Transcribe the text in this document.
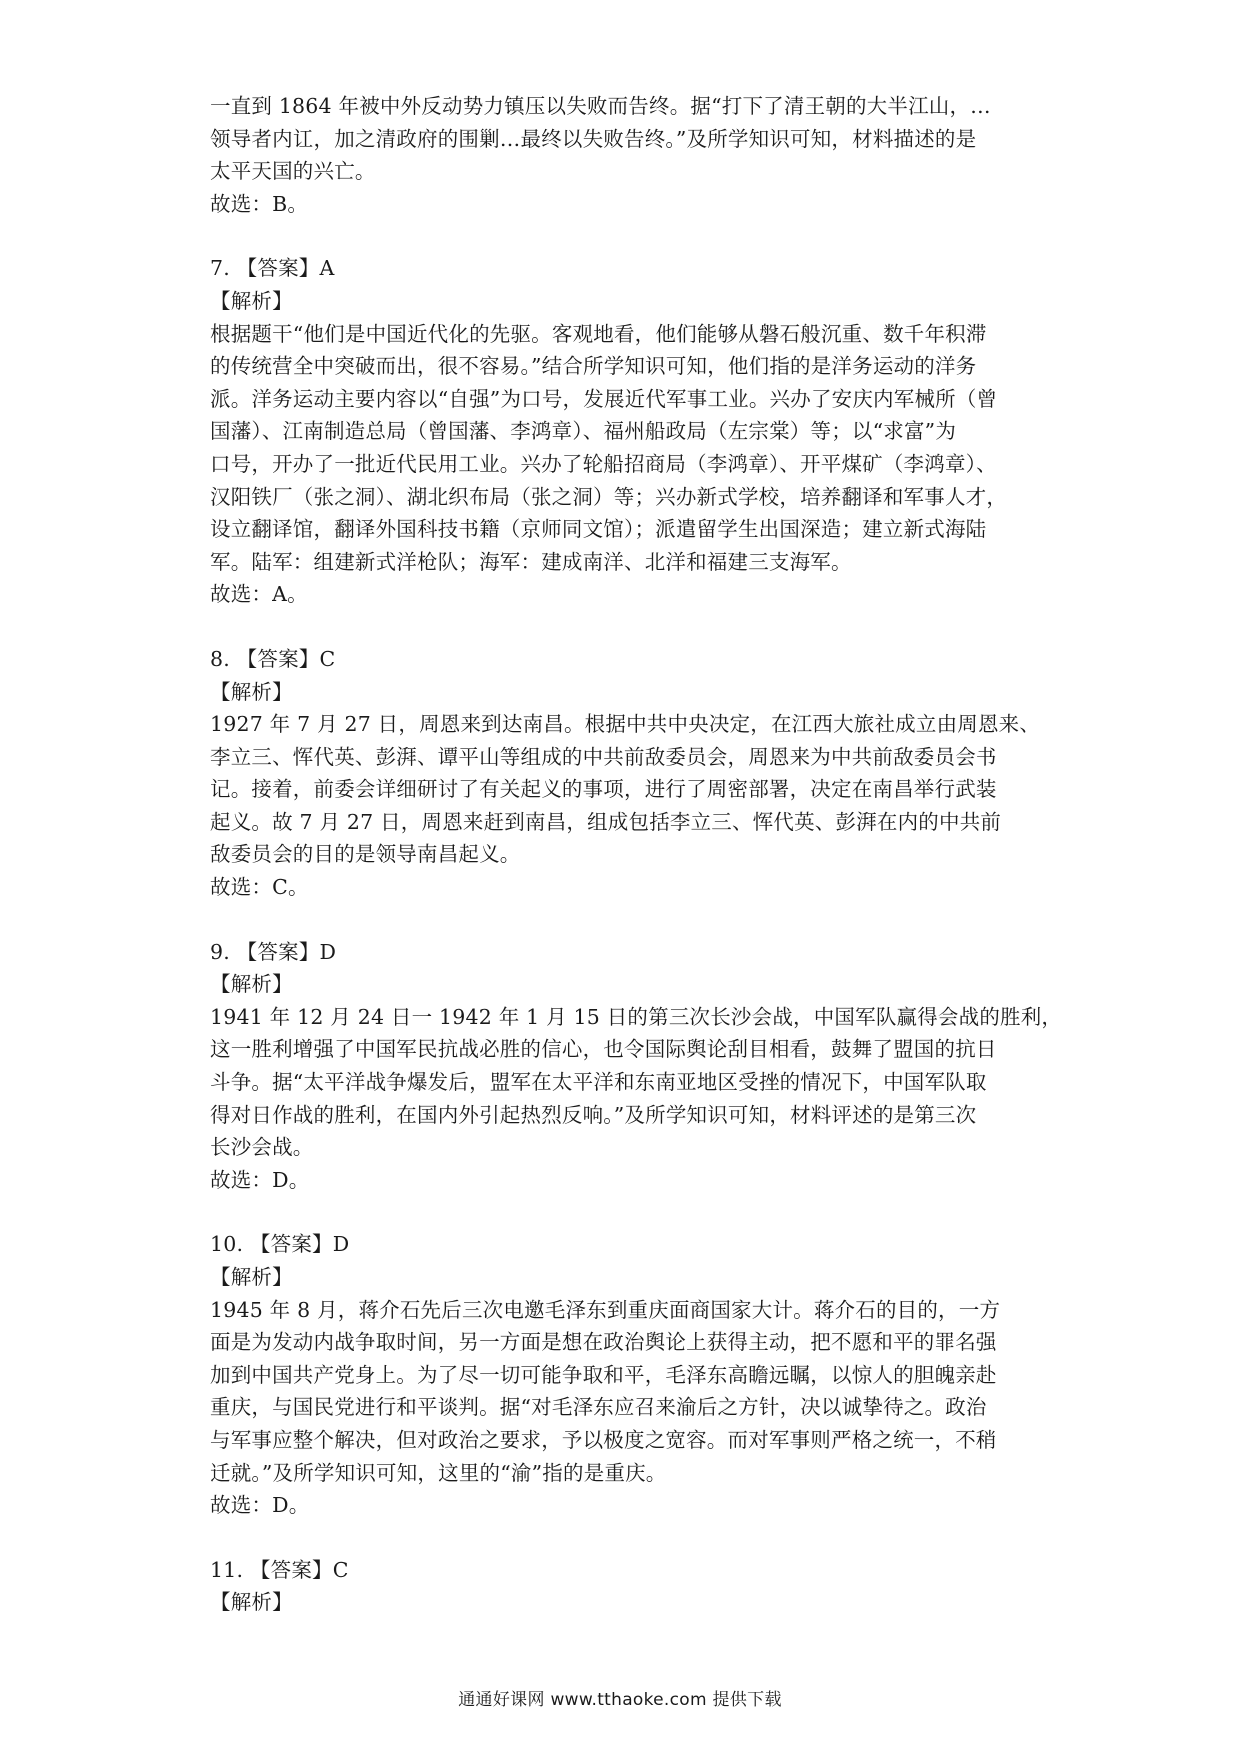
一直到 1864 年被中外反动势力镇压以失败而告终。据“打下了清王朝的大半江山，…
领导者内讧，加之清政府的围剿…最终以失败告终。”及所学知识可知，材料描述的是
太平天国的兴亡。
故选：B。
7. 【答案】A
【解析】
根据题干“他们是中国近代化的先驱。客观地看，他们能够从磐石般沉重、数千年积滞
的传统营全中突破而出，很不容易。”结合所学知识可知，他们指的是洋务运动的洋务
派。洋务运动主要内容以“自强”为口号，发展近代军事工业。兴办了安庆内军械所（曾
国藩）、江南制造总局（曾国藩、李鸿章）、福州船政局（左宗棠）等；以“求富”为
口号，开办了一批近代民用工业。兴办了轮船招商局（李鸿章）、开平煤矿（李鸿章）、
汉阳铁厂（张之洞）、湖北织布局（张之洞）等；兴办新式学校，培养翻译和军事人才，
设立翻译馆，翻译外国科技书籍（京师同文馆）；派遣留学生出国深造；建立新式海陆
军。陆军：组建新式洋枪队；海军：建成南洋、北洋和福建三支海军。
故选：A。
8. 【答案】C
【解析】
1927 年 7 月 27 日，周恩来到达南昌。根据中共中央决定，在江西大旅社成立由周恩来、
李立三、恽代英、彭湃、谭平山等组成的中共前敌委员会，周恩来为中共前敌委员会书
记。接着，前委会详细研讨了有关起义的事项，进行了周密部署，决定在南昌举行武装
起义。故 7 月 27 日，周恩来赶到南昌，组成包括李立三、恽代英、彭湃在内的中共前
敌委员会的目的是领导南昌起义。
故选：C。
9. 【答案】D
【解析】
1941 年 12 月 24 日一 1942 年 1 月 15 日的第三次长沙会战，中国军队赢得会战的胜利，
这一胜利增强了中国军民抗战必胜的信心，也令国际舆论刮目相看，鼓舞了盟国的抗日
斗争。据“太平洋战争爆发后，盟军在太平洋和东南亚地区受挫的情况下，中国军队取
得对日作战的胜利，在国内外引起热烈反响。”及所学知识可知，材料评述的是第三次
长沙会战。
故选：D。
10. 【答案】D
【解析】
1945 年 8 月，蒋介石先后三次电邀毛泽东到重庆面商国家大计。蒋介石的目的，一方
面是为发动内战争取时间，另一方面是想在政治舆论上获得主动，把不愿和平的罪名强
加到中国共产党身上。为了尽一切可能争取和平，毛泽东高瞻远瞩，以惊人的胆魄亲赴
重庆，与国民党进行和平谈判。据“对毛泽东应召来渝后之方针，决以诚挚待之。政治
与军事应整个解决，但对政治之要求，予以极度之宽容。而对军事则严格之统一，不稍
迁就。”及所学知识可知，这里的“渝”指的是重庆。
故选：D。
11. 【答案】C
【解析】
通通好课网 www.tthaoke.com 提供下载
